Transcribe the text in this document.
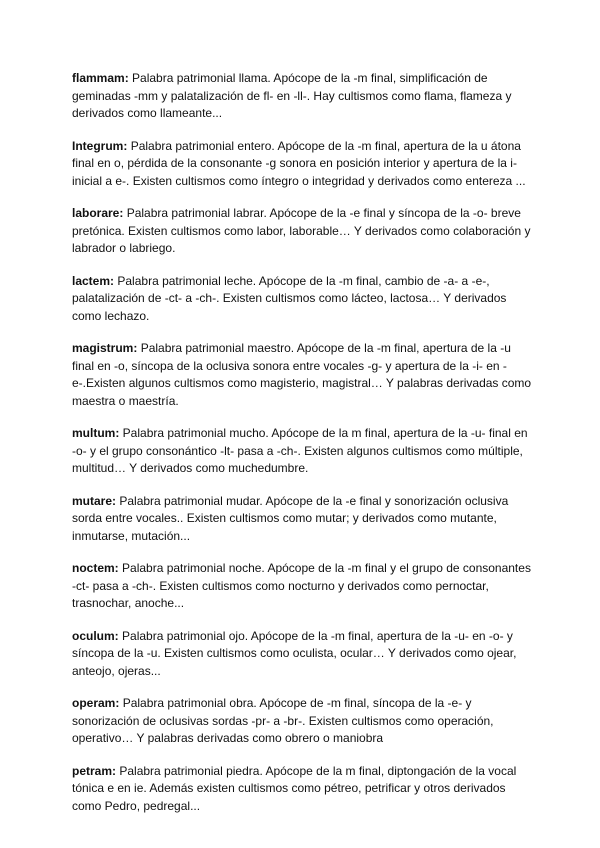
flammam: Palabra patrimonial llama. Apócope de la -m final, simplificación de geminadas -mm y palatalización de fl- en -ll-. Hay cultismos como flama, flameza y derivados como llameante...

Integrum: Palabra patrimonial entero. Apócope de la -m final, apertura de la u átona final en o, pérdida de la consonante -g sonora en posición interior y apertura de la i- inicial a e-. Existen cultismos como íntegro o integridad y derivados como entereza ...

laborare: Palabra patrimonial labrar. Apócope de la -e final y síncopa de la -o- breve pretónica. Existen cultismos como labor, laborable… Y derivados como colaboración y labrador o labriego.

lactem: Palabra patrimonial leche. Apócope de la -m final, cambio de -a- a -e-, palatalización de -ct- a -ch-. Existen cultismos como lácteo, lactosa… Y derivados como lechazo.

magistrum: Palabra patrimonial maestro. Apócope de la -m final, apertura de la -u final en -o, síncopa de la oclusiva sonora entre vocales -g- y apertura de la -i- en -e-.Existen algunos cultismos como magisterio, magistral… Y palabras derivadas como maestra o maestría.

multum: Palabra patrimonial mucho. Apócope de la m final, apertura de la -u- final en -o- y el grupo consonántico -lt- pasa a -ch-. Existen algunos cultismos como múltiple, multitud… Y derivados como muchedumbre.

mutare: Palabra patrimonial mudar. Apócope de la -e final y sonorización oclusiva sorda entre vocales.. Existen cultismos como mutar; y derivados como mutante, inmutarse, mutación...

noctem: Palabra patrimonial noche. Apócope de la -m final y el grupo de consonantes -ct- pasa a -ch-. Existen cultismos como nocturno y derivados como pernoctar, trasnochar, anoche...

oculum: Palabra patrimonial ojo. Apócope de la -m final, apertura de la -u- en -o- y síncopa de la -u. Existen cultismos como oculista, ocular… Y derivados como ojear, anteojo, ojeras...

operam: Palabra patrimonial obra. Apócope de -m final, síncopa de la -e- y sonorización de oclusivas sordas -pr- a -br-. Existen cultismos como operación, operativo… Y palabras derivadas como obrero o maniobra

petram: Palabra patrimonial piedra. Apócope de la m final, diptongación de la vocal tónica e en ie. Además existen cultismos como pétreo, petrificar y otros derivados como Pedro, pedregal...
